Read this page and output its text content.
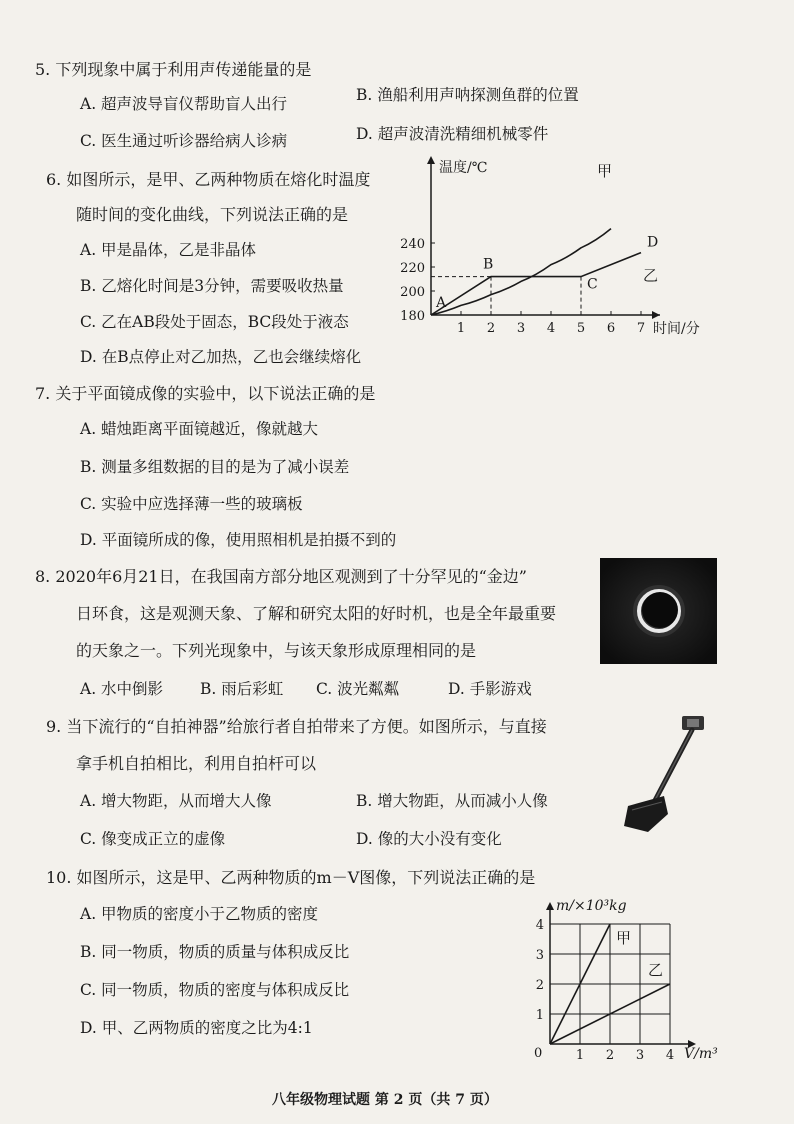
5. 下列现象中属于利用声传递能量的是
A. 超声波导盲仪帮助盲人出行	B. 渔船利用声呐探测鱼群的位置
C. 医生通过听诊器给病人诊病	D. 超声波清洗精细机械零件
6. 如图所示，是甲、乙两种物质在熔化时温度
随时间的变化曲线，下列说法正确的是
A. 甲是晶体，乙是非晶体
B. 乙熔化时间是3分钟，需要吸收热量
C. 乙在AB段处于固态，BC段处于液态
D. 在B点停止对乙加热，乙也会继续熔化
温度/℃
时间/分
1 2 3 4 5 6 7
180
200
220
240
甲
乙
A
B
C
D
7. 关于平面镜成像的实验中，以下说法正确的是
A. 蜡烛距离平面镜越近，像就越大
B. 测量多组数据的目的是为了减小误差
C. 实验中应选择薄一些的玻璃板
D. 平面镜所成的像，使用照相机是拍摄不到的
8. 2020年6月21日，在我国南方部分地区观测到了十分罕见的“金边”
日环食，这是观测天象、了解和研究太阳的好时机，也是全年最重要
的天象之一。下列光现象中，与该天象形成原理相同的是
A. 水中倒影 B. 雨后彩虹 C. 波光粼粼	D. 手影游戏
9. 当下流行的“自拍神器”给旅行者自拍带来了方便。如图所示，与直接
拿手机自拍相比，利用自拍杆可以
A. 增大物距，从而增大人像	B. 增大物距，从而减小人像
C. 像变成正立的虚像	D. 像的大小没有变化
10. 如图所示，这是甲、乙两种物质的m－V图像，下列说法正确的是
A. 甲物质的密度小于乙物质的密度
B. 同一物质，物质的质量与体积成反比
C. 同一物质，物质的密度与体积成反比
D. 甲、乙两物质的密度之比为4:1
m/×10³kg
V/m³
0	1 2 3 4
1
2
3
4
甲
乙
八年级物理试题 第 2 页（共 7 页）
